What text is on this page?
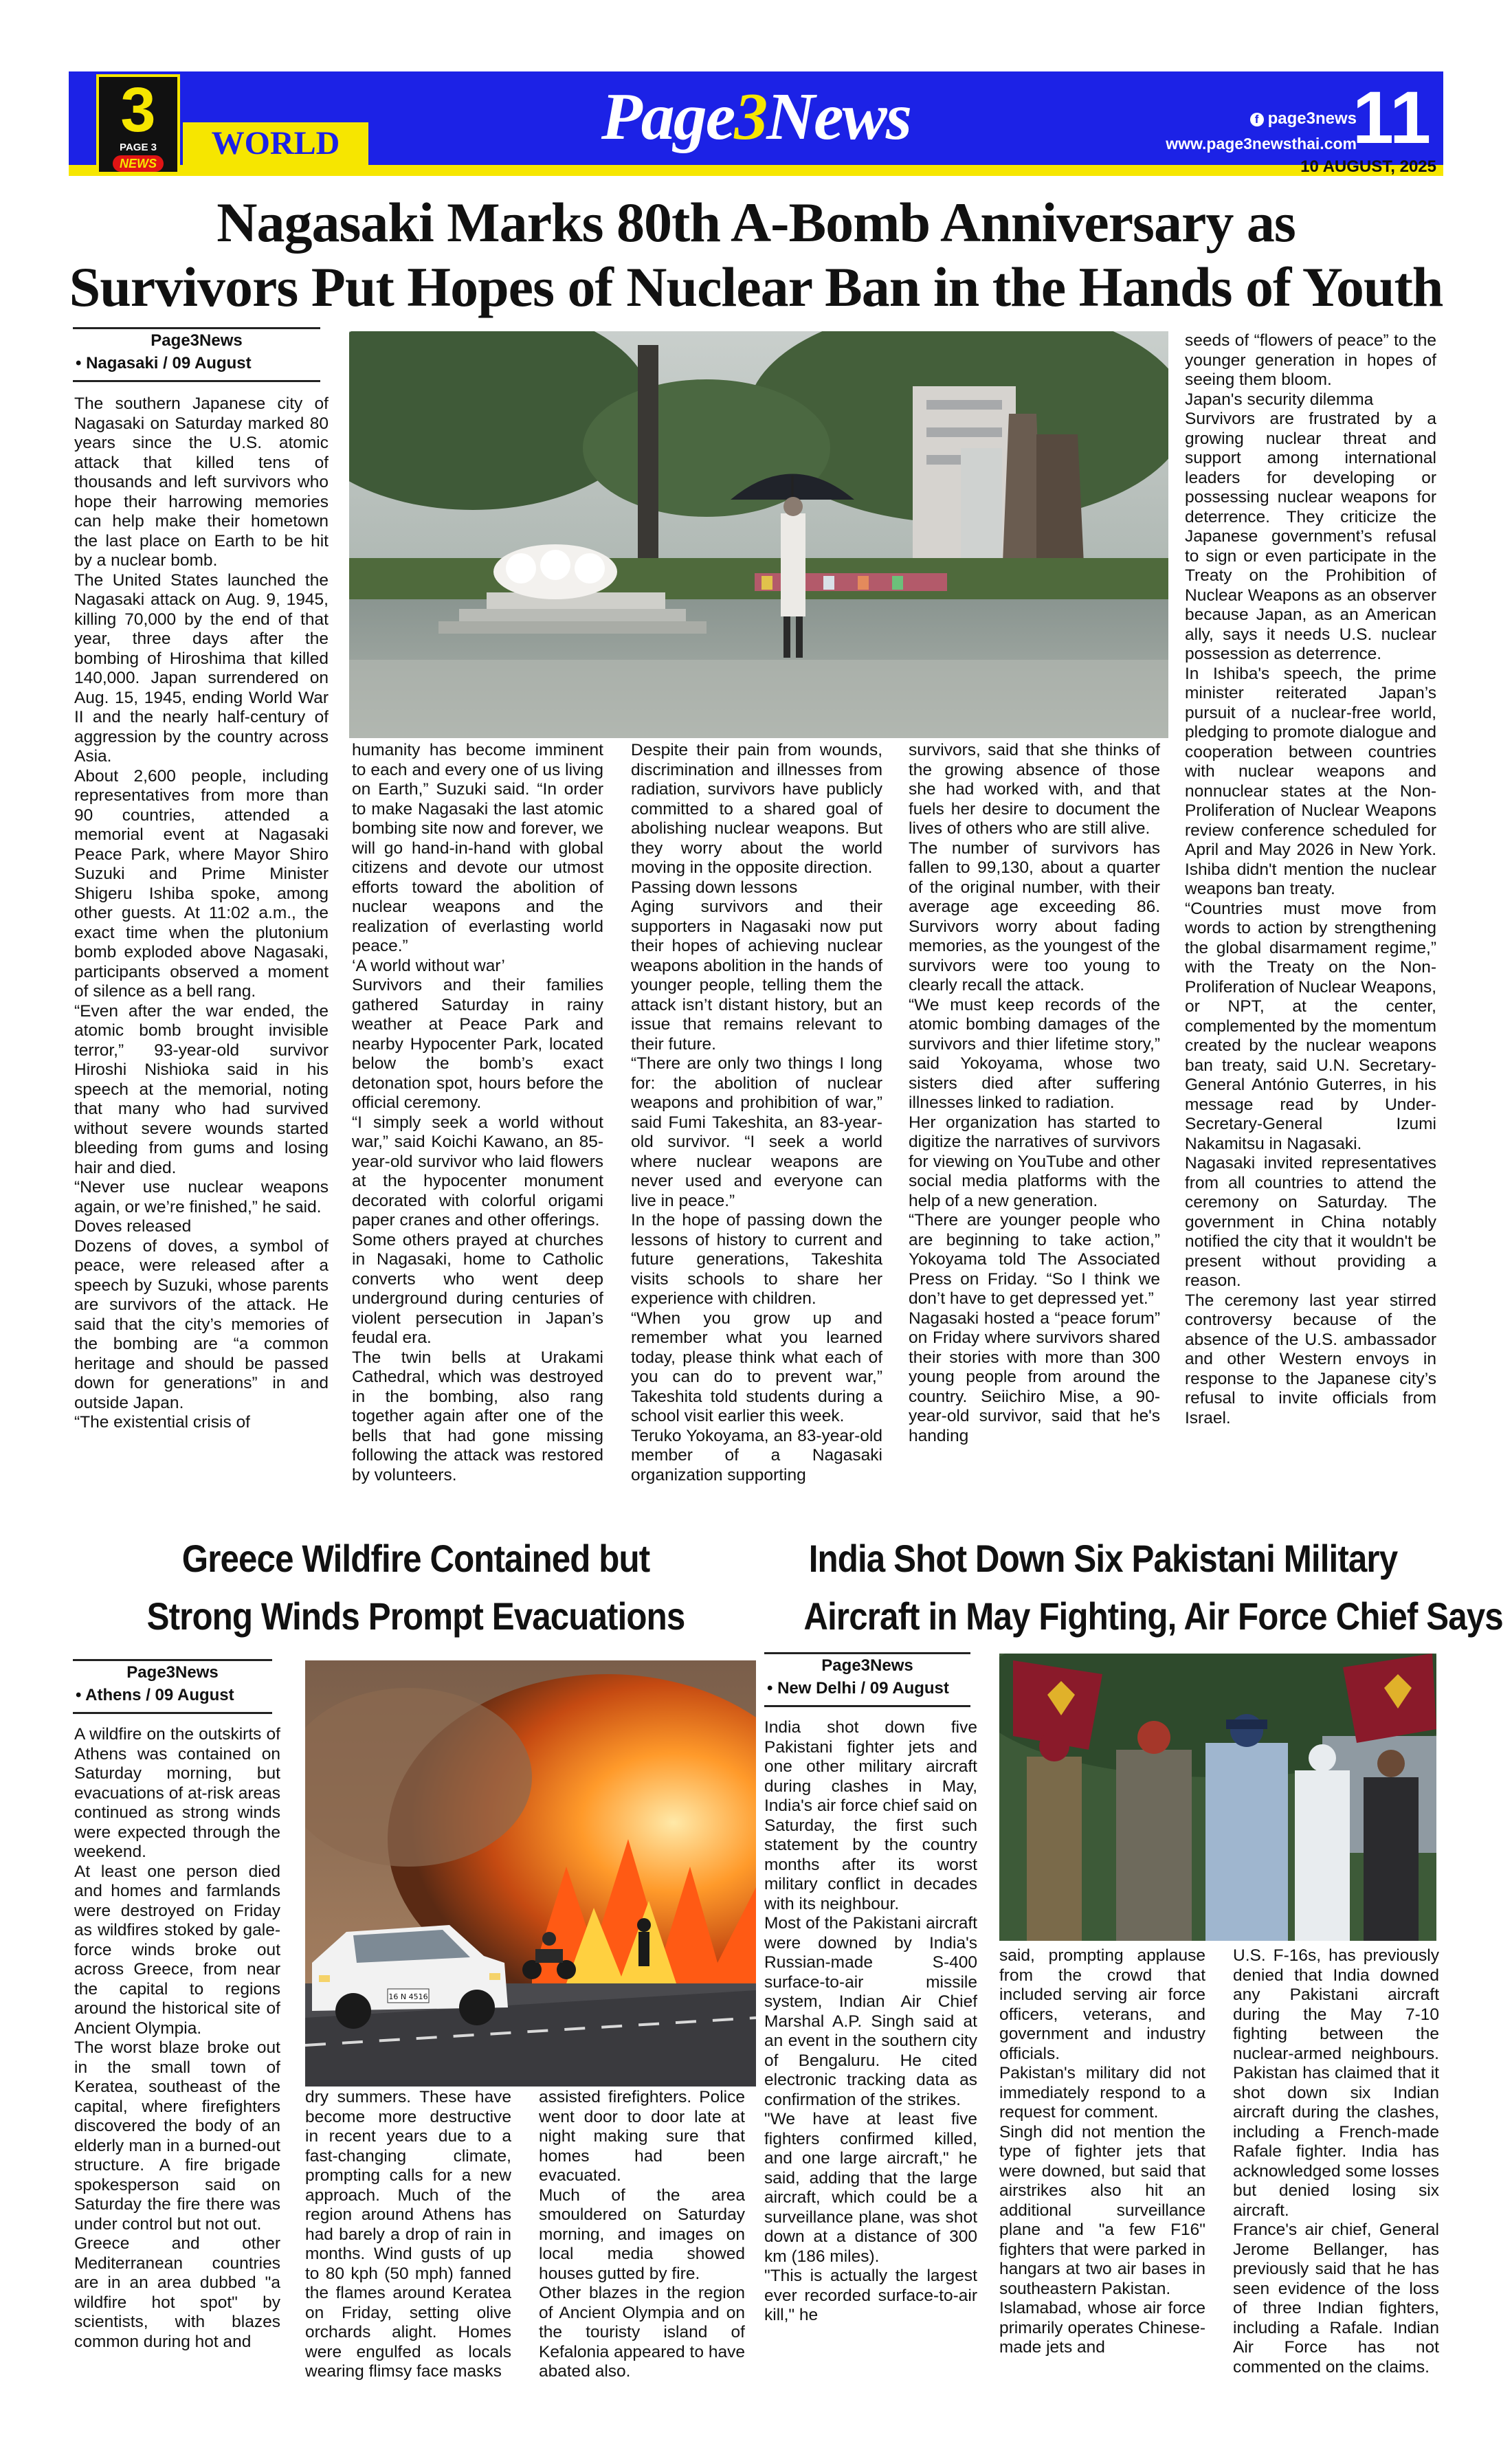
3
PAGE 3
NEWS
WORLD	Page3News	f page3news
www.page3newsthai.com
11
10 AUGUST, 2025
Nagasaki Marks 80th A-Bomb Anniversary as
Survivors Put Hopes of Nuclear Ban in the Hands of Youth
Page3News
• Nagasaki / 09 August

The southern Japanese city of Nagasaki on Saturday marked 80 years since the U.S. atomic attack that killed tens of thousands and left survivors who hope their harrowing memories can help make their hometown the last place on Earth to be hit by a nuclear bomb.

The United States launched the Nagasaki attack on Aug. 9, 1945, killing 70,000 by the end of that year, three days after the bombing of Hiroshima that killed 140,000. Japan surrendered on Aug. 15, 1945, ending World War II and the nearly half-century of aggression by the country across Asia.

About 2,600 people, including representatives from more than 90 countries, attended a memorial event at Nagasaki Peace Park, where Mayor Shiro Suzuki and Prime Minister Shigeru Ishiba spoke, among other guests. At 11:02 a.m., the exact time when the plutonium bomb exploded above Nagasaki, participants observed a moment of silence as a bell rang.

“Even after the war ended, the atomic bomb brought invisible terror,” 93-year-old survivor Hiroshi Nishioka said in his speech at the memorial, noting that many who had survived without severe wounds started bleeding from gums and losing hair and died.

“Never use nuclear weapons again, or we’re finished,” he said.

Doves released

Dozens of doves, a symbol of peace, were released after a speech by Suzuki, whose parents are survivors of the attack. He said that the city’s memories of the bombing are “a common heritage and should be passed down for generations” in and outside Japan.

“The existential crisis of

humanity has become imminent to each and every one of us living on Earth,” Suzuki said. “In order to make Nagasaki the last atomic bombing site now and forever, we will go hand-in-hand with global citizens and devote our utmost efforts toward the abolition of nuclear weapons and the realization of everlasting world peace.”

‘A world without war’

Survivors and their families gathered Saturday in rainy weather at Peace Park and nearby Hypocenter Park, located below the bomb’s exact detonation spot, hours before the official ceremony.

“I simply seek a world without war,” said Koichi Kawano, an 85-year-old survivor who laid flowers at the hypocenter monument decorated with colorful origami paper cranes and other offerings.

Some others prayed at churches in Nagasaki, home to Catholic converts who went deep underground during centuries of violent persecution in Japan’s feudal era.

The twin bells at Urakami Cathedral, which was destroyed in the bombing, also rang together again after one of the bells that had gone missing following the attack was restored by volunteers.

Despite their pain from wounds, discrimination and illnesses from radiation, survivors have publicly committed to a shared goal of abolishing nuclear weapons. But they worry about the world moving in the opposite direction.

Passing down lessons

Aging survivors and their supporters in Nagasaki now put their hopes of achieving nuclear weapons abolition in the hands of younger people, telling them the attack isn’t distant history, but an issue that remains relevant to their future.

“There are only two things I long for: the abolition of nuclear weapons and prohibition of war,” said Fumi Takeshita, an 83-year-old survivor. “I seek a world where nuclear weapons are never used and everyone can live in peace.”

In the hope of passing down the lessons of history to current and future generations, Takeshita visits schools to share her experience with children.

“When you grow up and remember what you learned today, please think what each of you can do to prevent war,” Takeshita told students during a school visit earlier this week.

Teruko Yokoyama, an 83-year-old member of a Nagasaki organization supporting

survivors, said that she thinks of the growing absence of those she had worked with, and that fuels her desire to document the lives of others who are still alive.

The number of survivors has fallen to 99,130, about a quarter of the original number, with their average age exceeding 86. Survivors worry about fading memories, as the youngest of the survivors were too young to clearly recall the attack.

“We must keep records of the atomic bombing damages of the survivors and thier lifetime story,” said Yokoyama, whose two sisters died after suffering illnesses linked to radiation.

Her organization has started to digitize the narratives of survivors for viewing on YouTube and other social media platforms with the help of a new generation.

“There are younger people who are beginning to take action,” Yokoyama told The Associated Press on Friday. “So I think we don’t have to get depressed yet.”

Nagasaki hosted a “peace forum” on Friday where survivors shared their stories with more than 300 young people from around the country. Seiichiro Mise, a 90-year-old survivor, said that he's handing

seeds of “flowers of peace” to the younger generation in hopes of seeing them bloom.

Japan's security dilemma

Survivors are frustrated by a growing nuclear threat and support among international leaders for developing or possessing nuclear weapons for deterrence. They criticize the Japanese government’s refusal to sign or even participate in the Treaty on the Prohibition of Nuclear Weapons as an observer because Japan, as an American ally, says it needs U.S. nuclear possession as deterrence.

In Ishiba's speech, the prime minister reiterated Japan’s pursuit of a nuclear-free world, pledging to promote dialogue and cooperation between countries with nuclear weapons and nonnuclear states at the Non-Proliferation of Nuclear Weapons review conference scheduled for April and May 2026 in New York. Ishiba didn't mention the nuclear weapons ban treaty.

“Countries must move from words to action by strengthening the global disarmament regime,” with the Treaty on the Non-Proliferation of Nuclear Weapons, or NPT, at the center, complemented by the momentum created by the nuclear weapons ban treaty, said U.N. Secretary-General António Guterres, in his message read by Under-Secretary-General Izumi Nakamitsu in Nagasaki.

Nagasaki invited representatives from all countries to attend the ceremony on Saturday. The government in China notably notified the city that it wouldn't be present without providing a reason.

The ceremony last year stirred controversy because of the absence of the U.S. ambassador and other Western envoys in response to the Japanese city’s refusal to invite officials from Israel.

Greece Wildfire Contained but
Strong Winds Prompt Evacuations
Page3News
• Athens / 09 August
16 N 4516

A wildfire on the outskirts of Athens was contained on Saturday morning, but evacuations of at-risk areas continued as strong winds were expected through the weekend.

At least one person died and homes and farmlands were destroyed on Friday as wildfires stoked by gale-force winds broke out across Greece, from near the capital to regions around the historical site of Ancient Olympia.

The worst blaze broke out in the small town of Keratea, southeast of the capital, where firefighters discovered the body of an elderly man in a burned-out structure. A fire brigade spokesperson said on Saturday the fire there was under control but not out.

Greece and other Mediterranean countries are in an area dubbed "a wildfire hot spot" by scientists, with blazes common during hot and

dry summers. These have become more destructive in recent years due to a fast-changing climate, prompting calls for a new approach. Much of the region around Athens has had barely a drop of rain in months. Wind gusts of up to 80 kph (50 mph) fanned the flames around Keratea on Friday, setting olive orchards alight. Homes were engulfed as locals wearing flimsy face masks

assisted firefighters. Police went door to door late at night making sure that homes had been evacuated.

Much of the area smouldered on Saturday morning, and images on local media showed houses gutted by fire.

Other blazes in the region of Ancient Olympia and on the touristy island of Kefalonia appeared to have abated also.

India Shot Down Six Pakistani Military
Aircraft in May Fighting, Air Force Chief Says
Page3News
• New Delhi / 09 August

India shot down five Pakistani fighter jets and one other military aircraft during clashes in May, India's air force chief said on Saturday, the first such statement by the country months after its worst military conflict in decades with its neighbour.

Most of the Pakistani aircraft were downed by India's Russian-made S-400 surface-to-air missile system, Indian Air Chief Marshal A.P. Singh said at an event in the southern city of Bengaluru. He cited electronic tracking data as confirmation of the strikes.

"We have at least five fighters confirmed killed, and one large aircraft," he said, adding that the large aircraft, which could be a surveillance plane, was shot down at a distance of 300 km (186 miles).

"This is actually the largest ever recorded surface-to-air kill," he

said, prompting applause from the crowd that included serving air force officers, veterans, and government and industry officials.

Pakistan's military did not immediately respond to a request for comment.

Singh did not mention the type of fighter jets that were downed, but said that airstrikes also hit an additional surveillance plane and "a few F16" fighters that were parked in hangars at two air bases in southeastern Pakistan.

Islamabad, whose air force primarily operates Chinese-made jets and

U.S. F-16s, has previously denied that India downed any Pakistani aircraft during the May 7-10 fighting between the nuclear-armed neighbours. Pakistan has claimed that it shot down six Indian aircraft during the clashes, including a French-made Rafale fighter. India has acknowledged some losses but denied losing six aircraft.

France's air chief, General Jerome Bellanger, has previously said that he has seen evidence of the loss of three Indian fighters, including a Rafale. Indian Air Force has not commented on the claims.
